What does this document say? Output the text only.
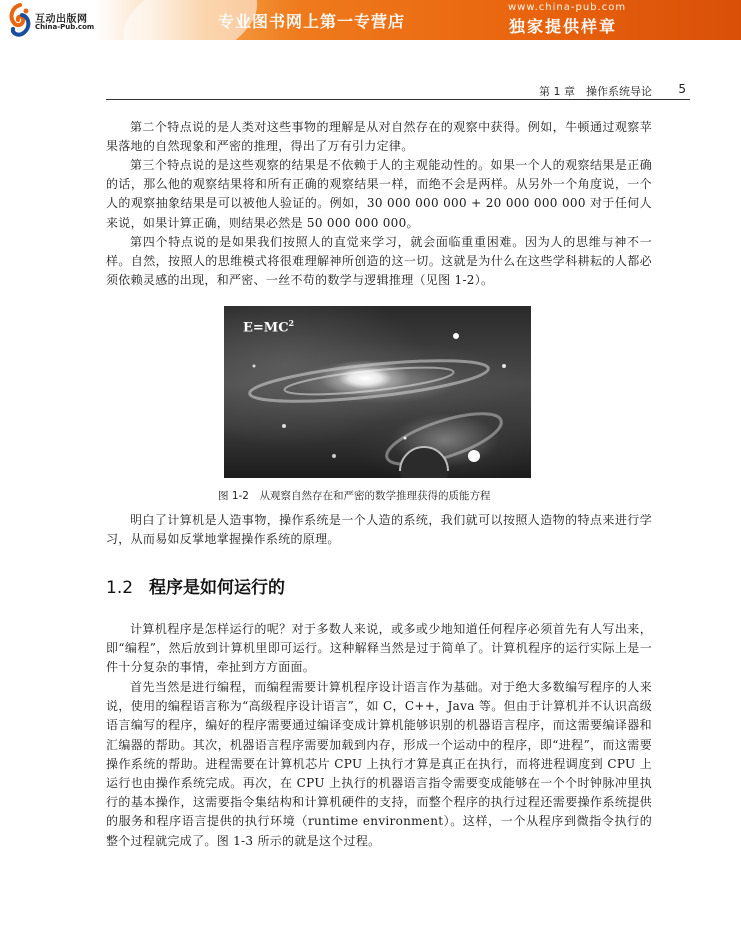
互动出版网
China-Pub.com	专业图书网上第一专营店
www.china-pub.com
独家提供样章
第 1 章　操作系统导论 5

第二个特点说的是人类对这些事物的理解是从对自然存在的观察中获得。例如，牛顿通过观察苹果落地的自然现象和严密的推理，得出了万有引力定律。

第三个特点说的是这些观察的结果是不依赖于人的主观能动性的。如果一个人的观察结果是正确的话，那么他的观察结果将和所有正确的观察结果一样，而绝不会是两样。从另外一个角度说，一个人的观察抽象结果是可以被他人验证的。例如，30 000 000 000 + 20 000 000 000 对于任何人来说，如果计算正确，则结果必然是 50 000 000 000。

第四个特点说的是如果我们按照人的直觉来学习，就会面临重重困难。因为人的思维与神不一样。自然，按照人的思维模式将很难理解神所创造的这一切。这就是为什么在这些学科耕耘的人都必须依赖灵感的出现，和严密、一丝不苟的数学与逻辑推理（见图 1-2）。

$E=MC^2$
图 1-2　从观察自然存在和严密的数学推理获得的质能方程

明白了计算机是人造事物，操作系统是一个人造的系统，我们就可以按照人造物的特点来进行学习，从而易如反掌地掌握操作系统的原理。

1.2 程序是如何运行的

计算机程序是怎样运行的呢？对于多数人来说，或多或少地知道任何程序必须首先有人写出来，即“编程”，然后放到计算机里即可运行。这种解释当然是过于简单了。计算机程序的运行实际上是一件十分复杂的事情，牵扯到方方面面。

首先当然是进行编程，而编程需要计算机程序设计语言作为基础。对于绝大多数编写程序的人来说，使用的编程语言称为“高级程序设计语言”，如 C，C++，Java 等。但由于计算机并不认识高级语言编写的程序，编好的程序需要通过编译变成计算机能够识别的机器语言程序，而这需要编译器和汇编器的帮助。其次，机器语言程序需要加载到内存，形成一个运动中的程序，即“进程”，而这需要操作系统的帮助。进程需要在计算机芯片 CPU 上执行才算是真正在执行，而将进程调度到 CPU 上运行也由操作系统完成。再次，在 CPU 上执行的机器语言指令需要变成能够在一个个时钟脉冲里执行的基本操作，这需要指令集结构和计算机硬件的支持，而整个程序的执行过程还需要操作系统提供的服务和程序语言提供的执行环境（runtime environment）。这样，一个从程序到微指令执行的整个过程就完成了。图 1-3 所示的就是这个过程。
